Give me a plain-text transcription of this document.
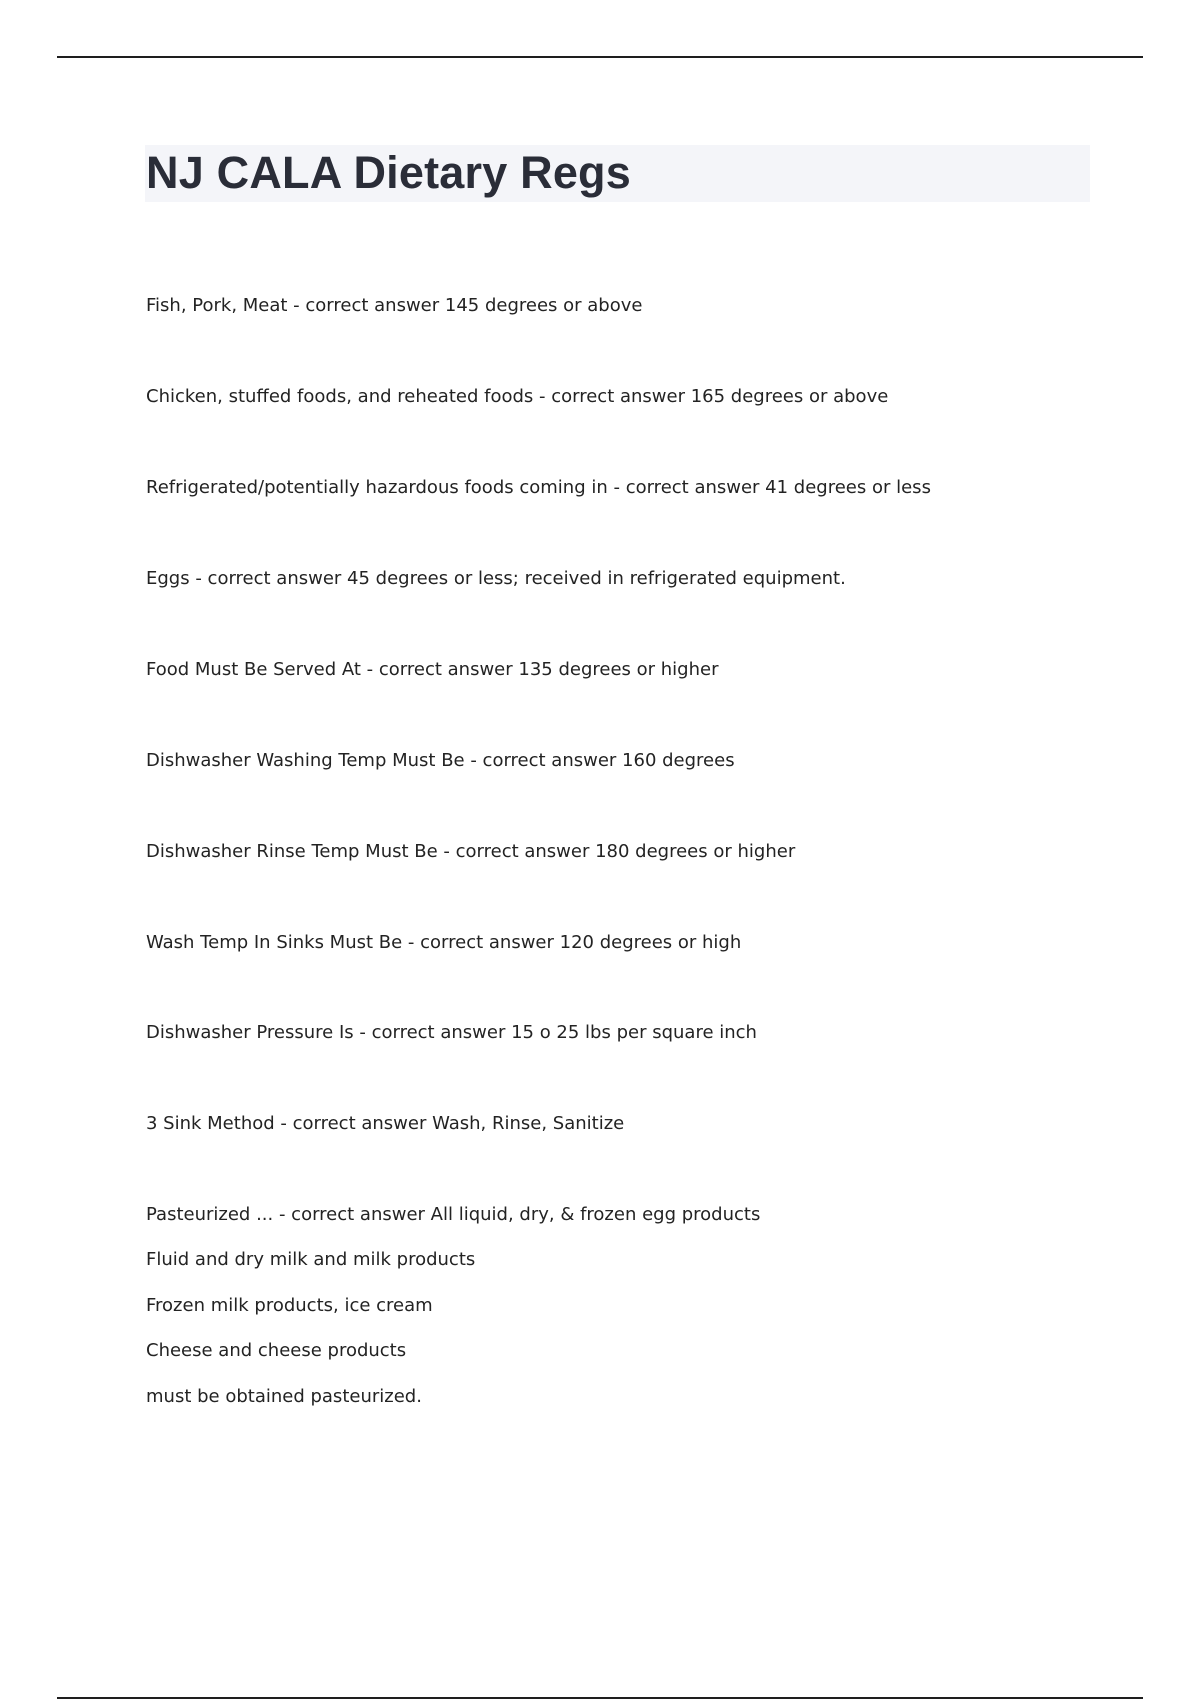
NJ CALA Dietary Regs

Fish, Pork, Meat - correct answer 145 degrees or above

Chicken, stuffed foods, and reheated foods - correct answer 165 degrees or above

Refrigerated/potentially hazardous foods coming in - correct answer 41 degrees or less

Eggs - correct answer 45 degrees or less; received in refrigerated equipment.

Food Must Be Served At - correct answer 135 degrees or higher

Dishwasher Washing Temp Must Be - correct answer 160 degrees

Dishwasher Rinse Temp Must Be - correct answer 180 degrees or higher

Wash Temp In Sinks Must Be - correct answer 120 degrees or high

Dishwasher Pressure Is - correct answer 15 o 25 lbs per square inch

3 Sink Method - correct answer Wash, Rinse, Sanitize

Pasteurized ... - correct answer All liquid, dry, & frozen egg products

Fluid and dry milk and milk products

Frozen milk products, ice cream

Cheese and cheese products

must be obtained pasteurized.
